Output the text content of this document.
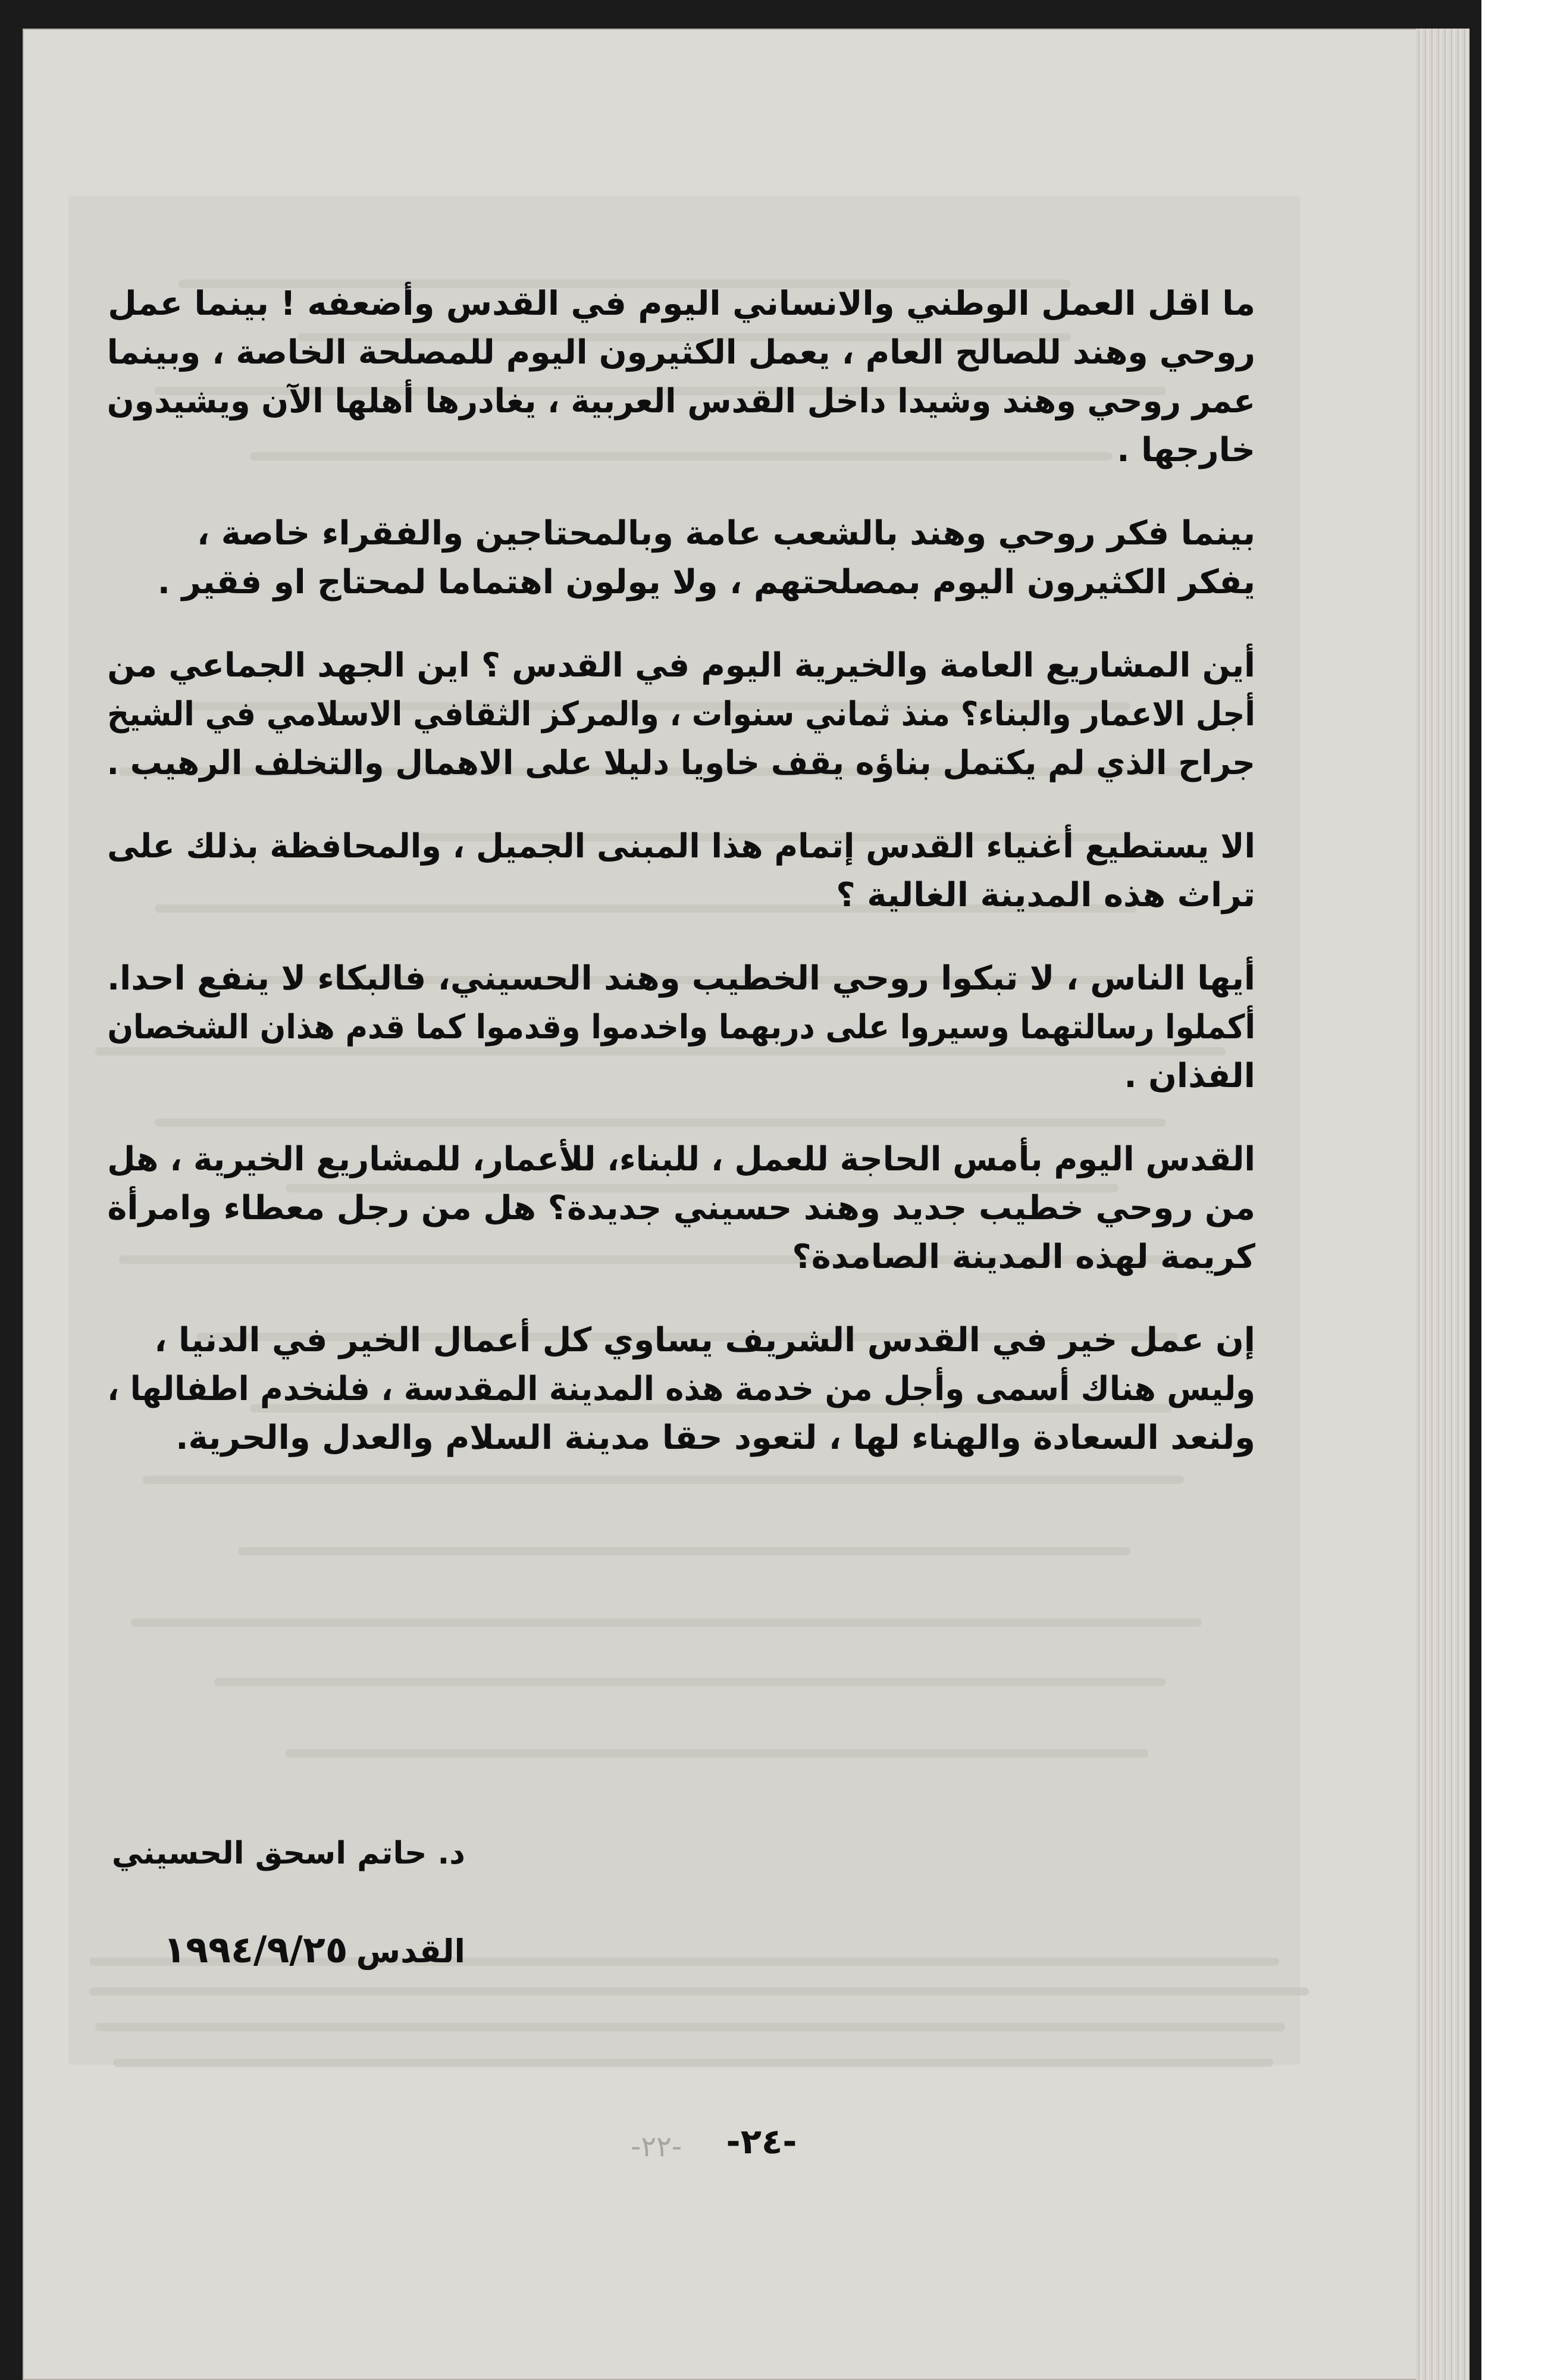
ما اقل العمل الوطني والانساني اليوم في القدس وأضعفه ! بينما عمل
روحي وهند للصالح العام ، يعمل الكثيرون اليوم للمصلحة الخاصة ، وبينما
عمر روحي وهند وشيدا داخل القدس العربية ، يغادرها أهلها الآن ويشيدون
خارجها .
بينما فكر روحي وهند بالشعب عامة وبالمحتاجين والفقراء خاصة ،
يفكر الكثيرون اليوم بمصلحتهم ، ولا يولون اهتماما لمحتاج او فقير .
أين المشاريع العامة والخيرية اليوم في القدس ؟ اين الجهد الجماعي من
أجل الاعمار والبناء؟ منذ ثماني سنوات ، والمركز الثقافي الاسلامي في الشيخ
جراح الذي لم يكتمل بناؤه يقف خاويا دليلا على الاهمال والتخلف الرهيب .
الا يستطيع أغنياء القدس إتمام هذا المبنى الجميل ، والمحافظة بذلك على
تراث هذه المدينة الغالية ؟
أيها الناس ، لا تبكوا روحي الخطيب وهند الحسيني، فالبكاء لا ينفع احدا.
أكملوا رسالتهما وسيروا على دربهما واخدموا وقدموا كما قدم هذان الشخصان
الفذان .
القدس اليوم بأمس الحاجة للعمل ، للبناء، للأعمار، للمشاريع الخيرية ، هل
من روحي خطيب جديد وهند حسيني جديدة؟ هل من رجل معطاء وامرأة
كريمة لهذه المدينة الصامدة؟
إن عمل خير في القدس الشريف يساوي كل أعمال الخير في الدنيا ،
وليس هناك أسمى وأجل من خدمة هذه المدينة المقدسة ، فلنخدم اطفالها ،
ولنعد السعادة والهناء لها ، لتعود حقا مدينة السلام والعدل والحرية.
د. حاتم اسحق الحسيني
القدس١٩٩٤/٩/٢٥
-٢٢-	-٢٤-
